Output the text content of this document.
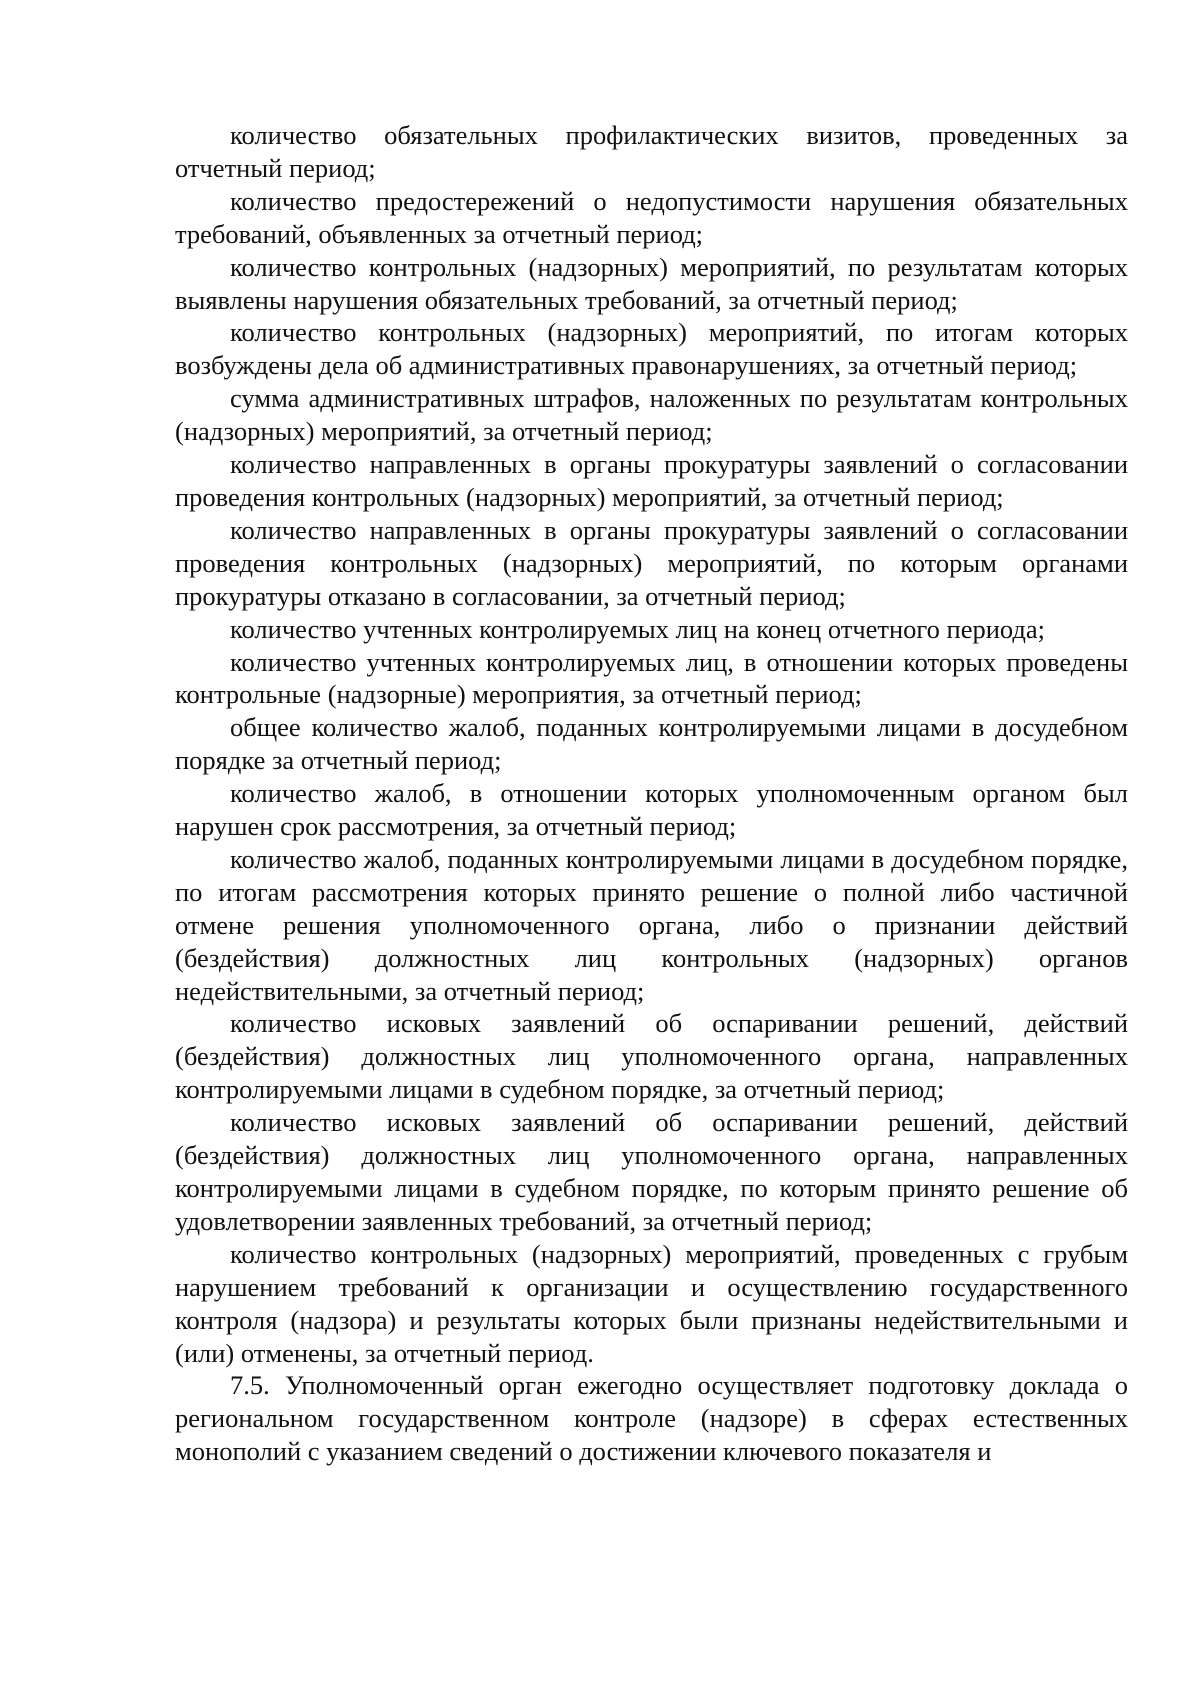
количество обязательных профилактических визитов, проведенных за отчетный период;

количество предостережений о недопустимости нарушения обязательных требований, объявленных за отчетный период;

количество контрольных (надзорных) мероприятий, по результатам которых выявлены нарушения обязательных требований, за отчетный период;

количество контрольных (надзорных) мероприятий, по итогам которых возбуждены дела об административных правонарушениях, за отчетный период;

сумма административных штрафов, наложенных по результатам контрольных (надзорных) мероприятий, за отчетный период;

количество направленных в органы прокуратуры заявлений о согласовании проведения контрольных (надзорных) мероприятий, за отчетный период;

количество направленных в органы прокуратуры заявлений о согласовании проведения контрольных (надзорных) мероприятий, по которым органами прокуратуры отказано в согласовании, за отчетный период;

количество учтенных контролируемых лиц на конец отчетного периода;

количество учтенных контролируемых лиц, в отношении которых проведены контрольные (надзорные) мероприятия, за отчетный период;

общее количество жалоб, поданных контролируемыми лицами в досудебном порядке за отчетный период;

количество жалоб, в отношении которых уполномоченным органом был нарушен срок рассмотрения, за отчетный период;

количество жалоб, поданных контролируемыми лицами в досудебном порядке, по итогам рассмотрения которых принято решение о полной либо частичной отмене решения уполномоченного органа, либо о признании действий (бездействия) должностных лиц контрольных (надзорных) органов недействительными, за отчетный период;

количество исковых заявлений об оспаривании решений, действий (бездействия) должностных лиц уполномоченного органа, направленных контролируемыми лицами в судебном порядке, за отчетный период;

количество исковых заявлений об оспаривании решений, действий (бездействия) должностных лиц уполномоченного органа, направленных контролируемыми лицами в судебном порядке, по которым принято решение об удовлетворении заявленных требований, за отчетный период;

количество контрольных (надзорных) мероприятий, проведенных с грубым нарушением требований к организации и осуществлению государственного контроля (надзора) и результаты которых были признаны недействительными и (или) отменены, за отчетный период.

7.5. Уполномоченный орган ежегодно осуществляет подготовку доклада о региональном государственном контроле (надзоре) в сферах естественных монополий с указанием сведений о достижении ключевого показателя и
